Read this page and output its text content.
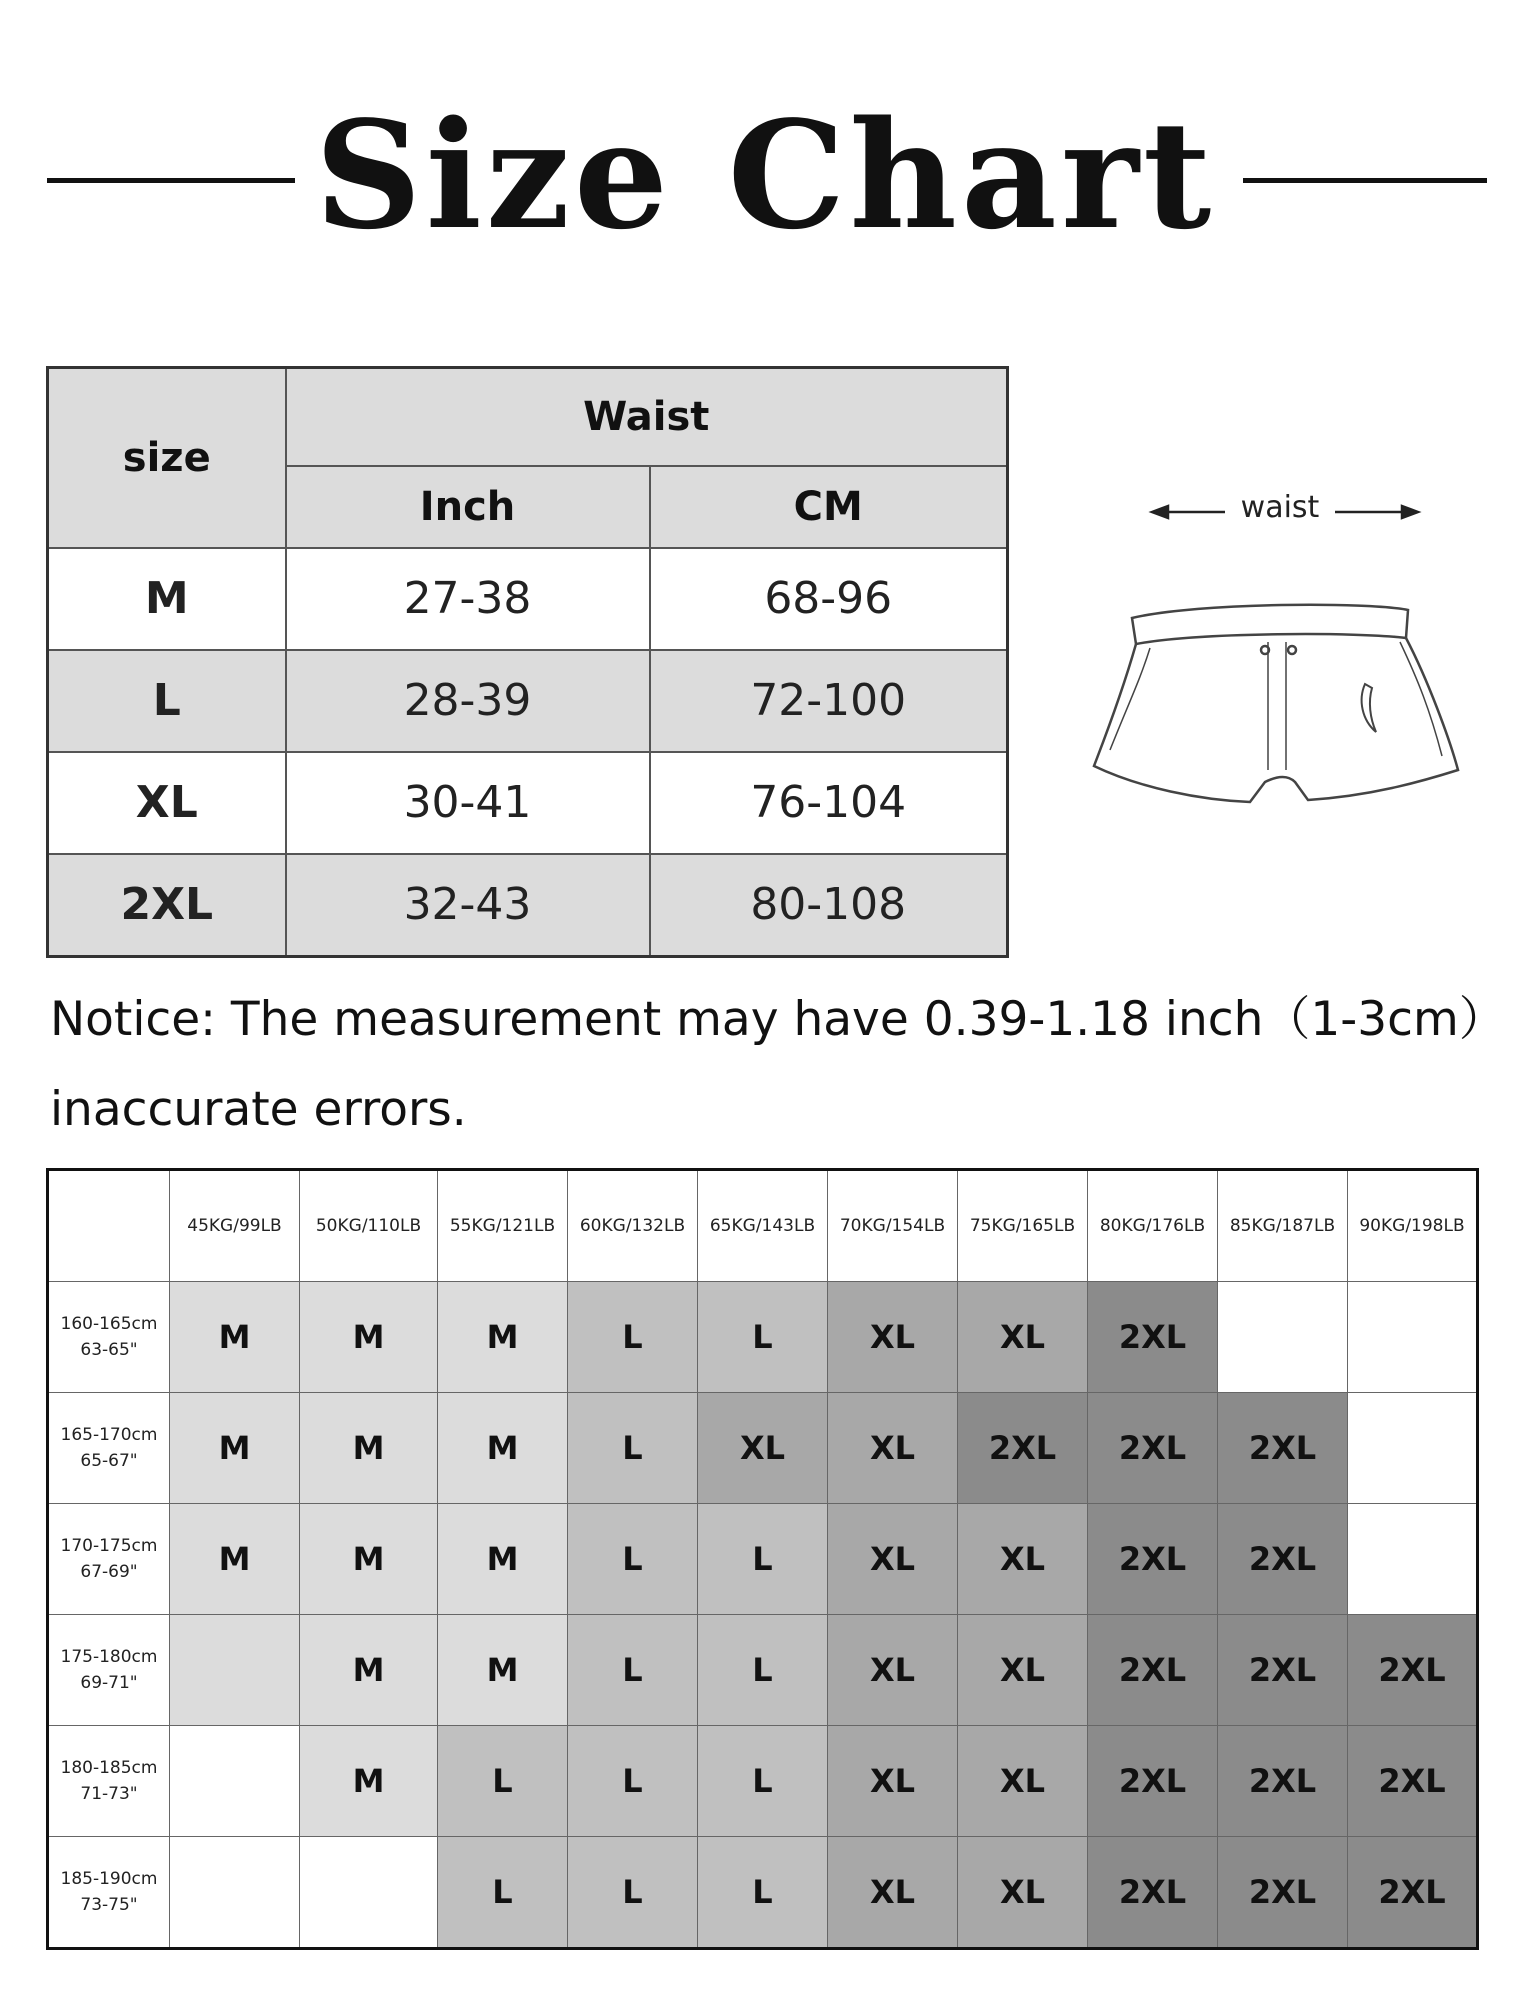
Size Chart
size	Waist	
	Inch	CM
M	27-38	68-96
L	28-39	72-100
XL	30-41	76-104
2XL	32-43	80-108
waist
Notice: The measurement may have 0.39-1.18 inch（1-3cm）
inaccurate errors.
	45KG/99LB	50KG/110LB	55KG/121LB	60KG/132LB	65KG/143LB	70KG/154LB	75KG/165LB	80KG/176LB	85KG/187LB	90KG/198LB

160-165cm
63-65"	M	M	M	L	L	XL	XL	2XL		

165-170cm
65-67"	M	M	M	L	XL	XL	2XL	2XL	2XL	

170-175cm
67-69"	M	M	M	L	L	XL	XL	2XL	2XL	

175-180cm
69-71"		M	M	L	L	XL	XL	2XL	2XL	2XL

180-185cm
71-73"		M	L	L	L	XL	XL	2XL	2XL	2XL

185-190cm
73-75"			L	L	L	XL	XL	2XL	2XL	2XL
